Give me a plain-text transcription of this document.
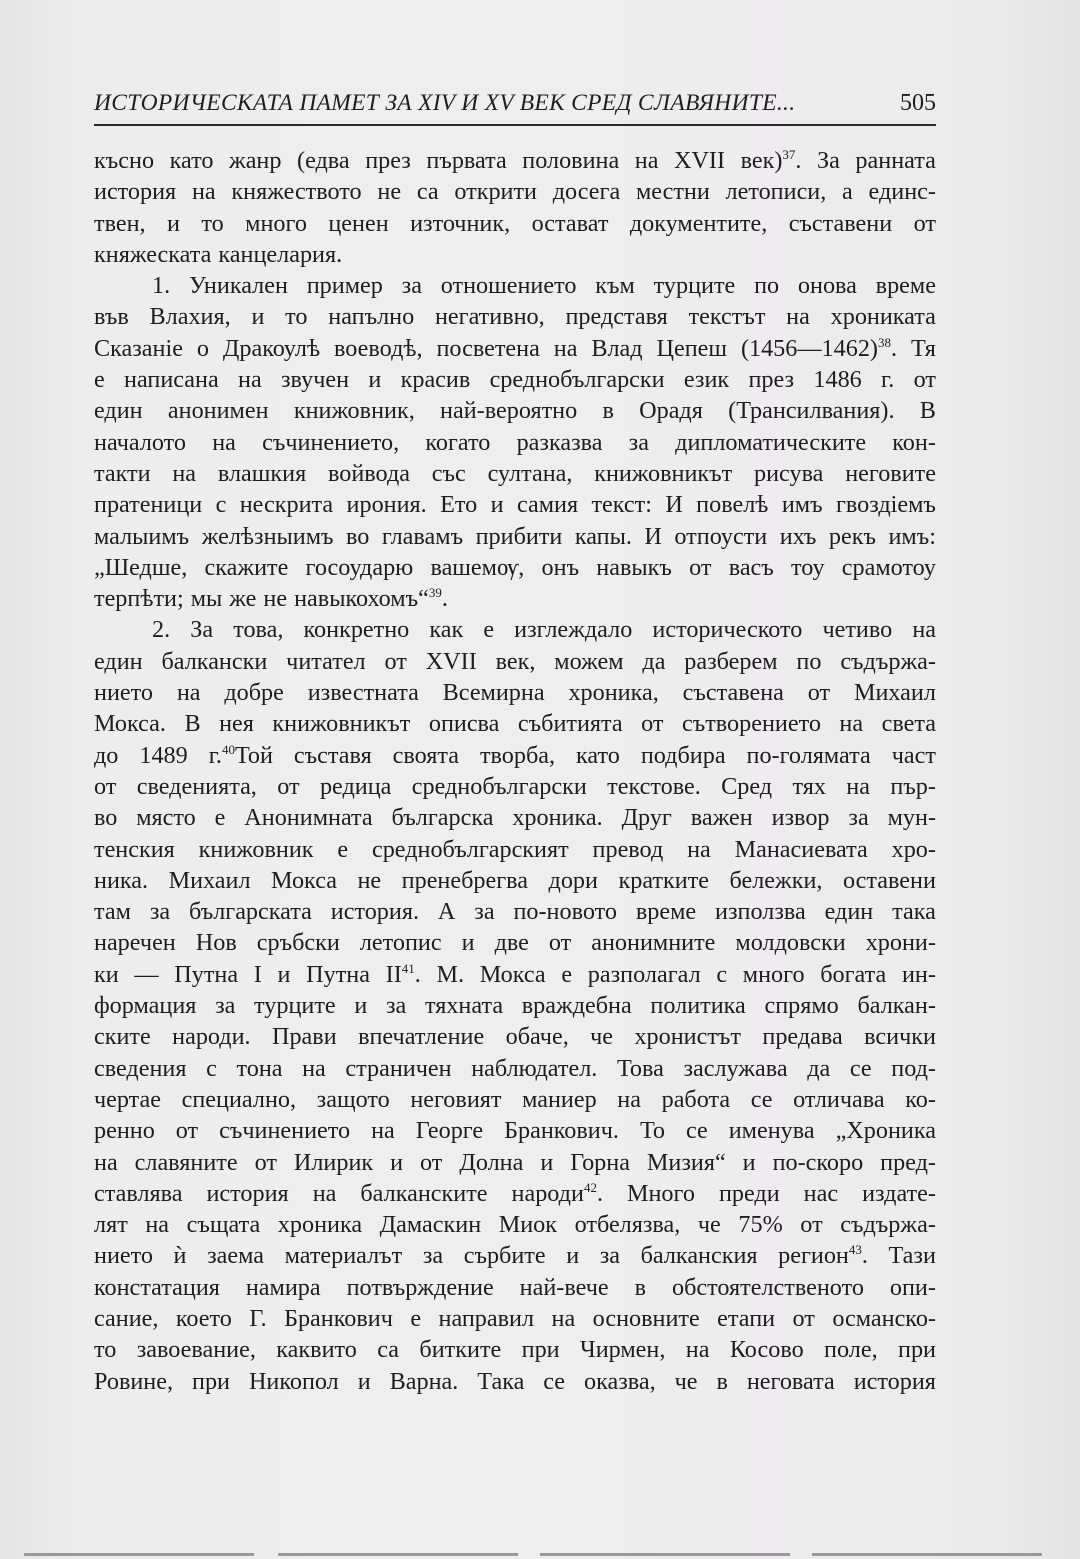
ИСТОРИЧЕСКАТА ПАМЕТ ЗА XIV И XV ВЕК СРЕД СЛАВЯНИТЕ...	505
късно като жанр (едва през първата половина на XVII век)$^{37}$. За ранната
история на княжеството не са открити досега местни летописи, а единс-
твен, и то много ценен източник, остават документите, съставени от
княжеската канцелария.
1. Уникален пример за отношението към турците по онова време
във Влахия, и то напълно негативно, представя текстът на хрониката
Сказаніе о Дракоулѣ воеводѣ, посветена на Влад Цепеш (1456—1462)$^{38}$. Тя
е написана на звучен и красив среднобългарски език през 1486 г. от
един анонимен книжовник, най-вероятно в Орадя (Трансилвания). В
началото на съчинението, когато разказва за дипломатическите кон-
такти на влашкия войвода със султана, книжовникът рисува неговите
пратеници с нескрита ирония. Ето и самия текст: И повелѣ имъ гвоздіемъ
малыимъ желѣзныимъ во главамъ прибити капы. И отпоусти ихъ рекъ имъ:
„Шедше, скажите госоударю вашемѹ, онъ навыкъ от васъ тоу срамотоу
терпѣти; мы же не навыкохомъ“$^{39}$.
2. За това, конкретно как е изглеждало историческото четиво на
един балкански читател от XVII век, можем да разберем по съдържа-
нието на добре известната Всемирна хроника, съставена от Михаил
Мокса. В нея книжовникът описва събитията от сътворението на света
до 1489 г.$^{40}$Той съставя своята творба, като подбира по-голямата част
от сведенията, от редица среднобългарски текстове. Сред тях на пър-
во място е Анонимната българска хроника. Друг важен извор за мун-
тенския книжовник е среднобългарският превод на Манасиевата хро-
ника. Михаил Мокса не пренебрегва дори кратките бележки, оставени
там за българската история. А за по-новото време използва един така
наречен Нов сръбски летопис и две от анонимните молдовски хрони-
ки — Путна I и Путна II$^{41}$. М. Мокса е разполагал с много богата ин-
формация за турците и за тяхната враждебна политика спрямо балкан-
ските народи. Прави впечатление обаче, че хронистът предава всички
сведения с тона на страничен наблюдател. Това заслужава да се под-
чертае специално, защото неговият маниер на работа се отличава ко-
ренно от съчинението на Георге Бранкович. То се именува „Хроника
на славяните от Илирик и от Долна и Горна Мизия“ и по-скоро пред-
ставлява история на балканските народи$^{42}$. Много преди нас издате-
лят на същата хроника Дамаскин Миок отбелязва, че 75% от съдържа-
нието ѝ заема материалът за сърбите и за балканския регион$^{43}$. Тази
констатация намира потвърждение най-вече в обстоятелственото опи-
сание, което Г. Бранкович е направил на основните етапи от османско-
то завоевание, каквито са битките при Чирмен, на Косово поле, при
Ровине, при Никопол и Варна. Така се оказва, че в неговата история
